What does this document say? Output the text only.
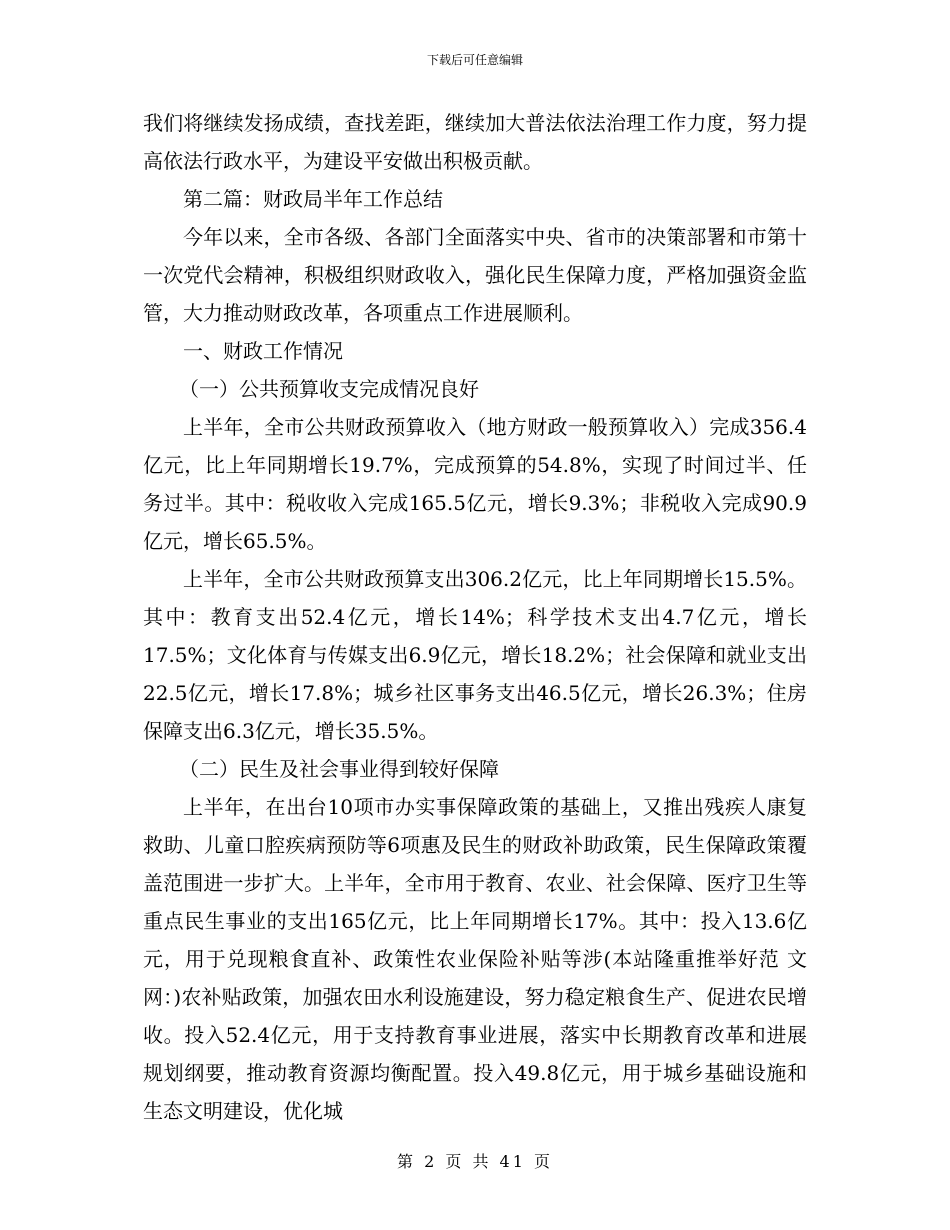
下载后可任意编辑

我们将继续发扬成绩，查找差距，继续加大普法依法治理工作力度，努力提高依法行政水平，为建设平安做出积极贡献。

第二篇：财政局半年工作总结

今年以来，全市各级、各部门全面落实中央、省市的决策部署和市第十一次党代会精神，积极组织财政收入，强化民生保障力度，严格加强资金监管，大力推动财政改革，各项重点工作进展顺利。

一、财政工作情况

（一）公共预算收支完成情况良好

上半年，全市公共财政预算收入（地方财政一般预算收入）完成356.4亿元，比上年同期增长19.7%，完成预算的54.8%，实现了时间过半、任务过半。其中：税收收入完成165.5亿元，增长9.3%；非税收入完成90.9亿元，增长65.5%。

上半年，全市公共财政预算支出306.2亿元，比上年同期增长15.5%。其中：教育支出52.4亿元，增长14%；科学技术支出4.7亿元，增长17.5%；文化体育与传媒支出6.9亿元，增长18.2%；社会保障和就业支出22.5亿元，增长17.8%；城乡社区事务支出46.5亿元，增长26.3%；住房保障支出6.3亿元，增长35.5%。

（二）民生及社会事业得到较好保障

上半年，在出台10项市办实事保障政策的基础上，又推出残疾人康复救助、儿童口腔疾病预防等6项惠及民生的财政补助政策，民生保障政策覆盖范围进一步扩大。上半年，全市用于教育、农业、社会保障、医疗卫生等重点民生事业的支出165亿元，比上年同期增长17%。其中：投入13.6亿元，用于兑现粮食直补、政策性农业保险补贴等涉(本站隆重推举好范 文网：)农补贴政策，加强农田水利设施建设，努力稳定粮食生产、促进农民增收。投入52.4亿元，用于支持教育事业进展，落实中长期教育改革和进展规划纲要，推动教育资源均衡配置。投入49.8亿元，用于城乡基础设施和生态文明建设，优化城

第 2 页 共 41 页
